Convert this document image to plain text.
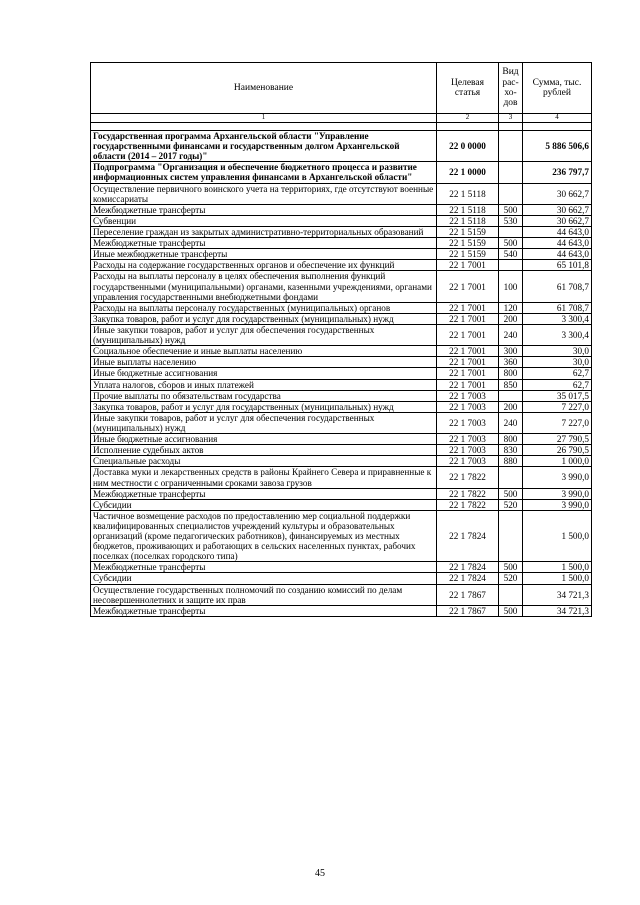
Наименование	Целевая статья	Вид рас-хо-дов	Сумма, тыс. рублей
1	2	3	4

Государственная программа Архангельской области "Управление государственными финансами и государственным долгом Архангельской области (2014 – 2017 годы)"	22 0 0000		5 886 506,6
Подпрограмма "Организация и обеспечение бюджетного процесса и развитие информационных систем управления финансами в Архангельской области"	22 1 0000		236 797,7
Осуществление первичного воинского учета на территориях, где отсутствуют военные комиссариаты	22 1 5118		30 662,7
Межбюджетные трансферты	22 1 5118	500	30 662,7
Субвенции	22 1 5118	530	30 662,7
Переселение граждан из закрытых административно-территориальных образований	22 1 5159		44 643,0
Межбюджетные трансферты	22 1 5159	500	44 643,0
Иные межбюджетные трансферты	22 1 5159	540	44 643,0
Расходы на содержание государственных органов и обеспечение их функций	22 1 7001		65 101,8
Расходы на выплаты персоналу в целях обеспечения выполнения функций государственными (муниципальными) органами, казенными учреждениями, органами управления государственными внебюджетными фондами	22 1 7001	100	61 708,7
Расходы на выплаты персоналу государственных (муниципальных) органов	22 1 7001	120	61 708,7
Закупка товаров, работ и услуг для государственных (муниципальных) нужд	22 1 7001	200	3 300,4
Иные закупки товаров, работ и услуг для обеспечения государственных (муниципальных) нужд	22 1 7001	240	3 300,4
Социальное обеспечение и иные выплаты населению	22 1 7001	300	30,0
Иные выплаты населению	22 1 7001	360	30,0
Иные бюджетные ассигнования	22 1 7001	800	62,7
Уплата налогов, сборов и иных платежей	22 1 7001	850	62,7
Прочие выплаты по обязательствам государства	22 1 7003		35 017,5
Закупка товаров, работ и услуг для государственных (муниципальных) нужд	22 1 7003	200	7 227,0
Иные закупки товаров, работ и услуг для обеспечения государственных (муниципальных) нужд	22 1 7003	240	7 227,0
Иные бюджетные ассигнования	22 1 7003	800	27 790,5
Исполнение судебных актов	22 1 7003	830	26 790,5
Специальные расходы	22 1 7003	880	1 000,0
Доставка муки и лекарственных средств в районы Крайнего Севера и приравненные к ним местности с ограниченными сроками завоза грузов	22 1 7822		3 990,0
Межбюджетные трансферты	22 1 7822	500	3 990,0
Субсидии	22 1 7822	520	3 990,0
Частичное возмещение расходов по предоставлению мер социальной поддержки квалифицированных специалистов учреждений культуры и образовательных организаций (кроме педагогических работников), финансируемых из местных бюджетов, проживающих и работающих в сельских населенных пунктах, рабочих поселках (поселках городского типа)	22 1 7824		1 500,0
Межбюджетные трансферты	22 1 7824	500	1 500,0
Субсидии	22 1 7824	520	1 500,0
Осуществление государственных полномочий по созданию комиссий по делам несовершеннолетних и защите их прав	22 1 7867		34 721,3
Межбюджетные трансферты	22 1 7867	500	34 721,3
45
